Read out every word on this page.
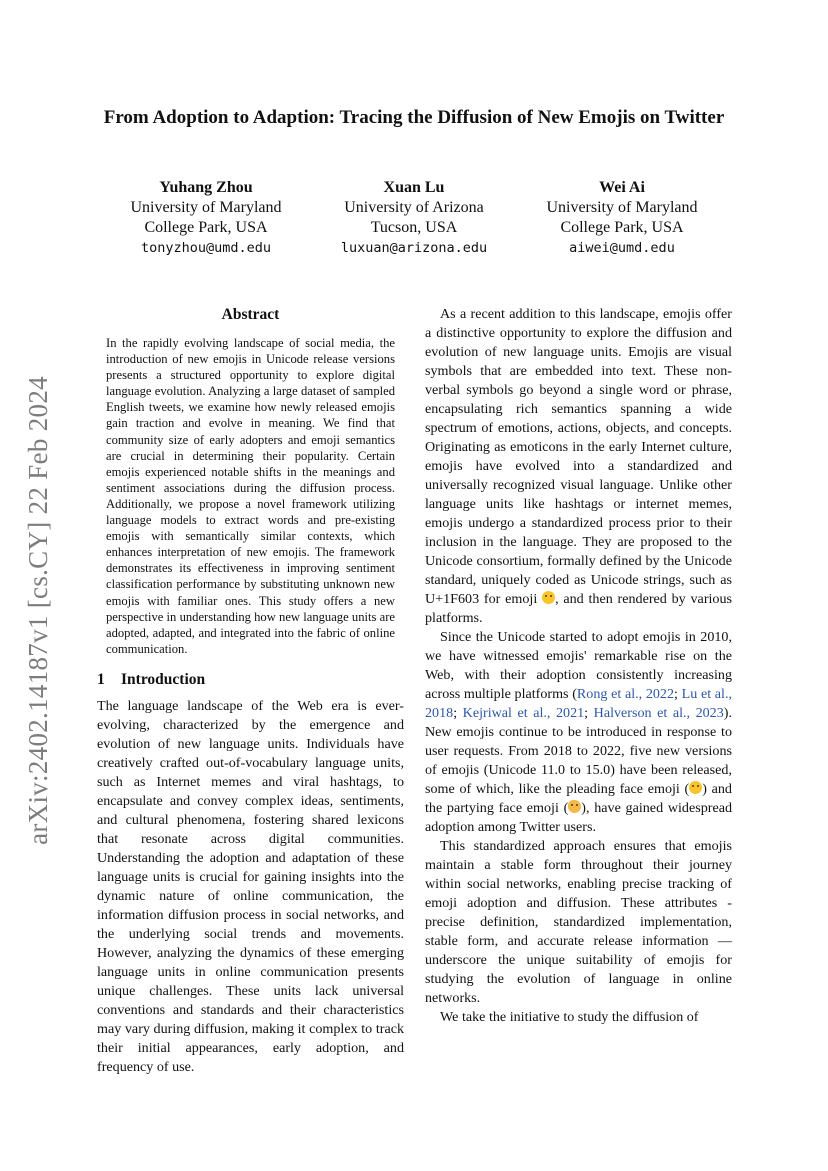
arXiv:2402.14187v1 [cs.CY] 22 Feb 2024
From Adoption to Adaption: Tracing the Diffusion of New Emojis on Twitter
Yuhang Zhou
University of Maryland
College Park, USA
tonyzhou@umd.edu
Xuan Lu
University of Arizona
Tucson, USA
luxuan@arizona.edu
Wei Ai
University of Maryland
College Park, USA
aiwei@umd.edu
Abstract

In the rapidly evolving landscape of social media, the introduction of new emojis in Unicode release versions presents a structured opportunity to explore digital language evolution. Analyzing a large dataset of sampled English tweets, we examine how newly released emojis gain traction and evolve in meaning. We find that community size of early adopters and emoji semantics are crucial in determining their popularity. Certain emojis experienced notable shifts in the meanings and sentiment associations during the diffusion process. Additionally, we propose a novel framework utilizing language models to extract words and pre-existing emojis with semantically similar contexts, which enhances interpretation of new emojis. The framework demonstrates its effectiveness in improving sentiment classification performance by substituting unknown new emojis with familiar ones. This study offers a new perspective in understanding how new language units are adopted, adapted, and integrated into the fabric of online communication.

1 Introduction

The language landscape of the Web era is ever-evolving, characterized by the emergence and evolution of new language units. Individuals have creatively crafted out-of-vocabulary language units, such as Internet memes and viral hashtags, to encapsulate and convey complex ideas, sentiments, and cultural phenomena, fostering shared lexicons that resonate across digital communities. Understanding the adoption and adaptation of these language units is crucial for gaining insights into the dynamic nature of online communication, the information diffusion process in social networks, and the underlying social trends and movements. However, analyzing the dynamics of these emerging language units in online communication presents unique challenges. These units lack universal conventions and standards and their characteristics may vary during diffusion, making it complex to track their initial appearances, early adoption, and frequency of use.

As a recent addition to this landscape, emojis offer a distinctive opportunity to explore the diffusion and evolution of new language units. Emojis are visual symbols that are embedded into text. These non-verbal symbols go beyond a single word or phrase, encapsulating rich semantics spanning a wide spectrum of emotions, actions, objects, and concepts. Originating as emoticons in the early Internet culture, emojis have evolved into a standardized and universally recognized visual language. Unlike other language units like hashtags or internet memes, emojis undergo a standardized process prior to their inclusion in the language. They are proposed to the Unicode consortium, formally defined by the Unicode standard, uniquely coded as Unicode strings, such as U+1F603 for emoji , and then rendered by various platforms.

Since the Unicode started to adopt emojis in 2010, we have witnessed emojis' remarkable rise on the Web, with their adoption consistently increasing across multiple platforms (Rong et al., 2022; Lu et al., 2018; Kejriwal et al., 2021; Halverson et al., 2023). New emojis continue to be introduced in response to user requests. From 2018 to 2022, five new versions of emojis (Unicode 11.0 to 15.0) have been released, some of which, like the pleading face emoji ( ) and the partying face emoji ( ), have gained widespread adoption among Twitter users.

This standardized approach ensures that emojis maintain a stable form throughout their journey within social networks, enabling precise tracking of emoji adoption and diffusion. These attributes - precise definition, standardized implementation, stable form, and accurate release information — underscore the unique suitability of emojis for studying the evolution of language in online networks.

We take the initiative to study the diffusion of
